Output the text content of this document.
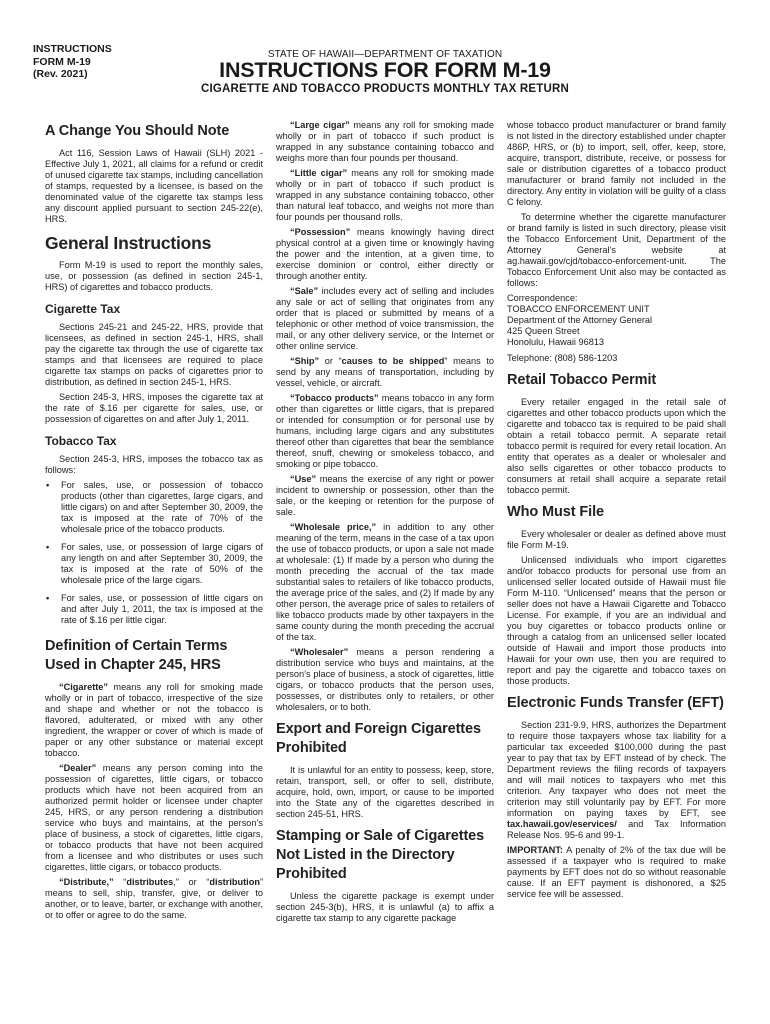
INSTRUCTIONS
FORM M-19
(Rev. 2021)
STATE OF HAWAII—DEPARTMENT OF TAXATION
INSTRUCTIONS FOR FORM M-19
CIGARETTE AND TOBACCO PRODUCTS MONTHLY TAX RETURN
A Change You Should Note

Act 116, Session Laws of Hawaii (SLH) 2021 - Effective July 1, 2021, all claims for a refund or credit of unused cigarette tax stamps, including cancellation of stamps, requested by a licensee, is based on the denominated value of the cigarette tax stamps less any discount applied pursuant to section 245-22(e), HRS.

General Instructions

Form M-19 is used to report the monthly sales, use, or possession (as defined in section 245-1, HRS) of cigarettes and tobacco products.

Cigarette Tax

Sections 245-21 and 245-22, HRS, provide that licensees, as defined in section 245-1, HRS, shall pay the cigarette tax through the use of cigarette tax stamps and that licensees are required to place cigarette tax stamps on packs of cigarettes prior to distribution, as defined in section 245-1, HRS.

Section 245-3, HRS, imposes the cigarette tax at the rate of $.16 per cigarette for sales, use, or possession of cigarettes on and after July 1, 2011.

Tobacco Tax

Section 245-3, HRS, imposes the tobacco tax as follows:

• For sales, use, or possession of tobacco products (other than cigarettes, large cigars, and little cigars) on and after September 30, 2009, the tax is imposed at the rate of 70% of the wholesale price of the tobacco products.
• For sales, use, or possession of large cigars of any length on and after September 30, 2009, the tax is imposed at the rate of 50% of the wholesale price of the large cigars.
• For sales, use, or possession of little cigars on and after July 1, 2011, the tax is imposed at the rate of $.16 per little cigar.
Definition of Certain Terms Used in Chapter 245, HRS

“Cigarette” means any roll for smoking made wholly or in part of tobacco, irrespective of the size and shape and whether or not the tobacco is flavored, adulterated, or mixed with any other ingredient, the wrapper or cover of which is made of paper or any other substance or material except tobacco.

“Dealer” means any person coming into the possession of cigarettes, little cigars, or tobacco products which have not been acquired from an authorized permit holder or licensee under chapter 245, HRS, or any person rendering a distribution service who buys and maintains, at the person’s place of business, a stock of cigarettes, little cigars, or tobacco products that have not been acquired from a licensee and who distributes or uses such cigarettes, little cigars, or tobacco products.

“Distribute,” “distributes,” or “distribution” means to sell, ship, transfer, give, or deliver to another, or to leave, barter, or exchange with another, or to offer or agree to do the same.

“Large cigar” means any roll for smoking made wholly or in part of tobacco if such product is wrapped in any substance containing tobacco and weighs more than four pounds per thousand.

“Little cigar” means any roll for smoking made wholly or in part of tobacco if such product is wrapped in any substance containing tobacco, other than natural leaf tobacco, and weighs not more than four pounds per thousand rolls.

“Possession” means knowingly having direct physical control at a given time or knowingly having the power and the intention, at a given time, to exercise dominion or control, either directly or through another entity.

“Sale” includes every act of selling and includes any sale or act of selling that originates from any order that is placed or submitted by means of a telephonic or other method of voice transmission, the mail, or any other delivery service, or the Internet or other online service.

“Ship” or “causes to be shipped” means to send by any means of transportation, including by vessel, vehicle, or aircraft.

“Tobacco products” means tobacco in any form other than cigarettes or little cigars, that is prepared or intended for consumption or for personal use by humans, including large cigars and any substitutes thereof other than cigarettes that bear the semblance thereof, snuff, chewing or smokeless tobacco, and smoking or pipe tobacco.

“Use” means the exercise of any right or power incident to ownership or possession, other than the sale, or the keeping or retention for the purpose of sale.

“Wholesale price,” in addition to any other meaning of the term, means in the case of a tax upon the use of tobacco products, or upon a sale not made at wholesale: (1) If made by a person who during the month preceding the accrual of the tax made substantial sales to retailers of like tobacco products, the average price of the sales, and (2) If made by any other person, the average price of sales to retailers of like tobacco products made by other taxpayers in the same county during the month preceding the accrual of the tax.

“Wholesaler” means a person rendering a distribution service who buys and maintains, at the person’s place of business, a stock of cigarettes, little cigars, or tobacco products that the person uses, possesses, or distributes only to retailers, or other wholesalers, or to both.

Export and Foreign Cigarettes Prohibited

It is unlawful for an entity to possess, keep, store, retain, transport, sell, or offer to sell, distribute, acquire, hold, own, import, or cause to be imported into the State any of the cigarettes described in section 245-51, HRS.

Stamping or Sale of Cigarettes Not Listed in the Directory Prohibited

Unless the cigarette package is exempt under section 245-3(b), HRS, it is unlawful (a) to affix a cigarette tax stamp to any cigarette package

whose tobacco product manufacturer or brand family is not listed in the directory established under chapter 486P, HRS, or (b) to import, sell, offer, keep, store, acquire, transport, distribute, receive, or possess for sale or distribution cigarettes of a tobacco product manufacturer or brand family not included in the directory. Any entity in violation will be guilty of a class C felony.

To determine whether the cigarette manufacturer or brand family is listed in such directory, please visit the Tobacco Enforcement Unit, Department of the Attorney General’s website at ag.hawaii.gov/cjd/tobacco-enforcement-unit. The Tobacco Enforcement Unit also may be contacted as follows:

Correspondence:
TOBACCO ENFORCEMENT UNIT
Department of the Attorney General
425 Queen Street
Honolulu, Hawaii 96813

Telephone: (808) 586-1203

Retail Tobacco Permit

Every retailer engaged in the retail sale of cigarettes and other tobacco products upon which the cigarette and tobacco tax is required to be paid shall obtain a retail tobacco permit. A separate retail tobacco permit is required for every retail location. An entity that operates as a dealer or wholesaler and also sells cigarettes or other tobacco products to consumers at retail shall acquire a separate retail tobacco permit.

Who Must File

Every wholesaler or dealer as defined above must file Form M-19.

Unlicensed individuals who import cigarettes and/or tobacco products for personal use from an unlicensed seller located outside of Hawaii must file Form M-110. “Unlicensed” means that the person or seller does not have a Hawaii Cigarette and Tobacco License. For example, if you are an individual and you buy cigarettes or tobacco products online or through a catalog from an unlicensed seller located outside of Hawaii and import those products into Hawaii for your own use, then you are required to report and pay the cigarette and tobacco taxes on those products.

Electronic Funds Transfer (EFT)

Section 231-9.9, HRS, authorizes the Department to require those taxpayers whose tax liability for a particular tax exceeded $100,000 during the past year to pay that tax by EFT instead of by check. The Department reviews the filing records of taxpayers and will mail notices to taxpayers who met this criterion. Any taxpayer who does not meet the criterion may still voluntarily pay by EFT. For more information on paying taxes by EFT, see tax.hawaii.gov/eservices/ and Tax Information Release Nos. 95-6 and 99-1.

IMPORTANT: A penalty of 2% of the tax due will be assessed if a taxpayer who is required to make payments by EFT does not do so without reasonable cause. If an EFT payment is dishonored, a $25 service fee will be assessed.
